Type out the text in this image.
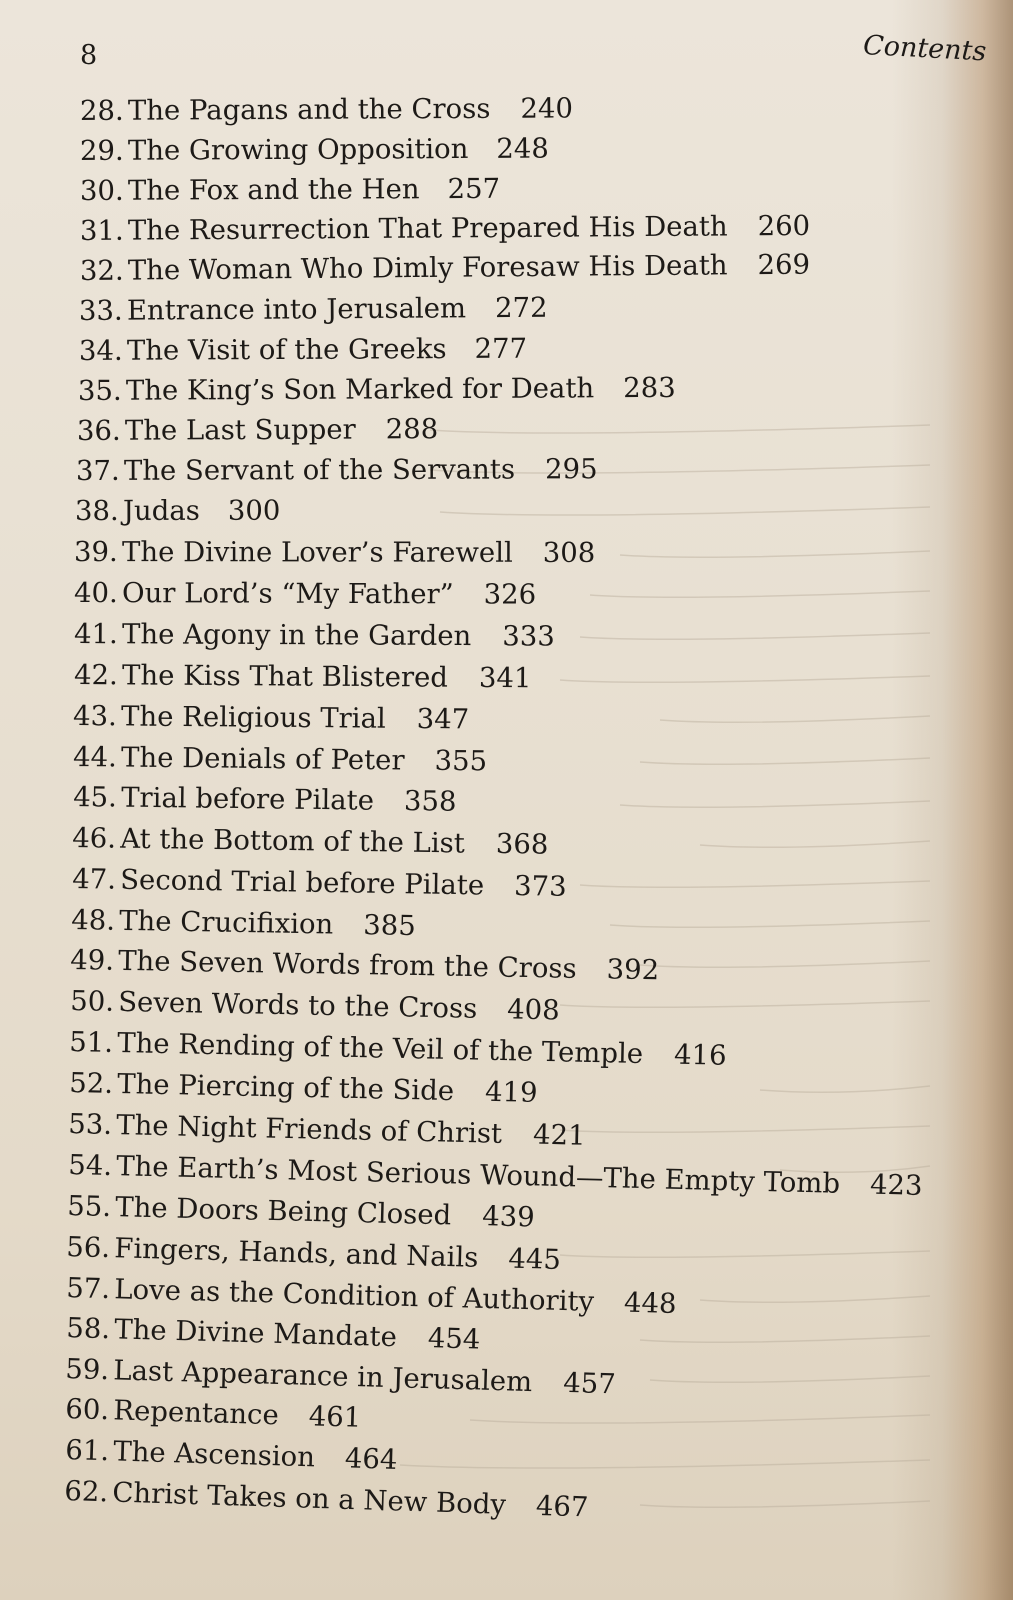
8	Contents
28. The Pagans and the Cross 240
29. The Growing Opposition 248
30. The Fox and the Hen 257
31. The Resurrection That Prepared His Death 260
32. The Woman Who Dimly Foresaw His Death 269
33. Entrance into Jerusalem 272
34. The Visit of the Greeks 277
35. The King’s Son Marked for Death 283
36. The Last Supper 288
37. The Servant of the Servants 295
38. Judas 300
39. The Divine Lover’s Farewell 308
40. Our Lord’s “My Father” 326
41. The Agony in the Garden 333
42. The Kiss That Blistered 341
43. The Religious Trial 347
44. The Denials of Peter 355
45. Trial before Pilate 358
46. At the Bottom of the List 368
47. Second Trial before Pilate 373
48. The Crucifixion 385
49. The Seven Words from the Cross 392
50. Seven Words to the Cross 408
51. The Rending of the Veil of the Temple 416
52. The Piercing of the Side 419
53. The Night Friends of Christ 421
54. The Earth’s Most Serious Wound—The Empty Tomb 423
55. The Doors Being Closed 439
56. Fingers, Hands, and Nails 445
57. Love as the Condition of Authority 448
58. The Divine Mandate 454
59. Last Appearance in Jerusalem 457
60. Repentance 461
61. The Ascension 464
62. Christ Takes on a New Body 467
